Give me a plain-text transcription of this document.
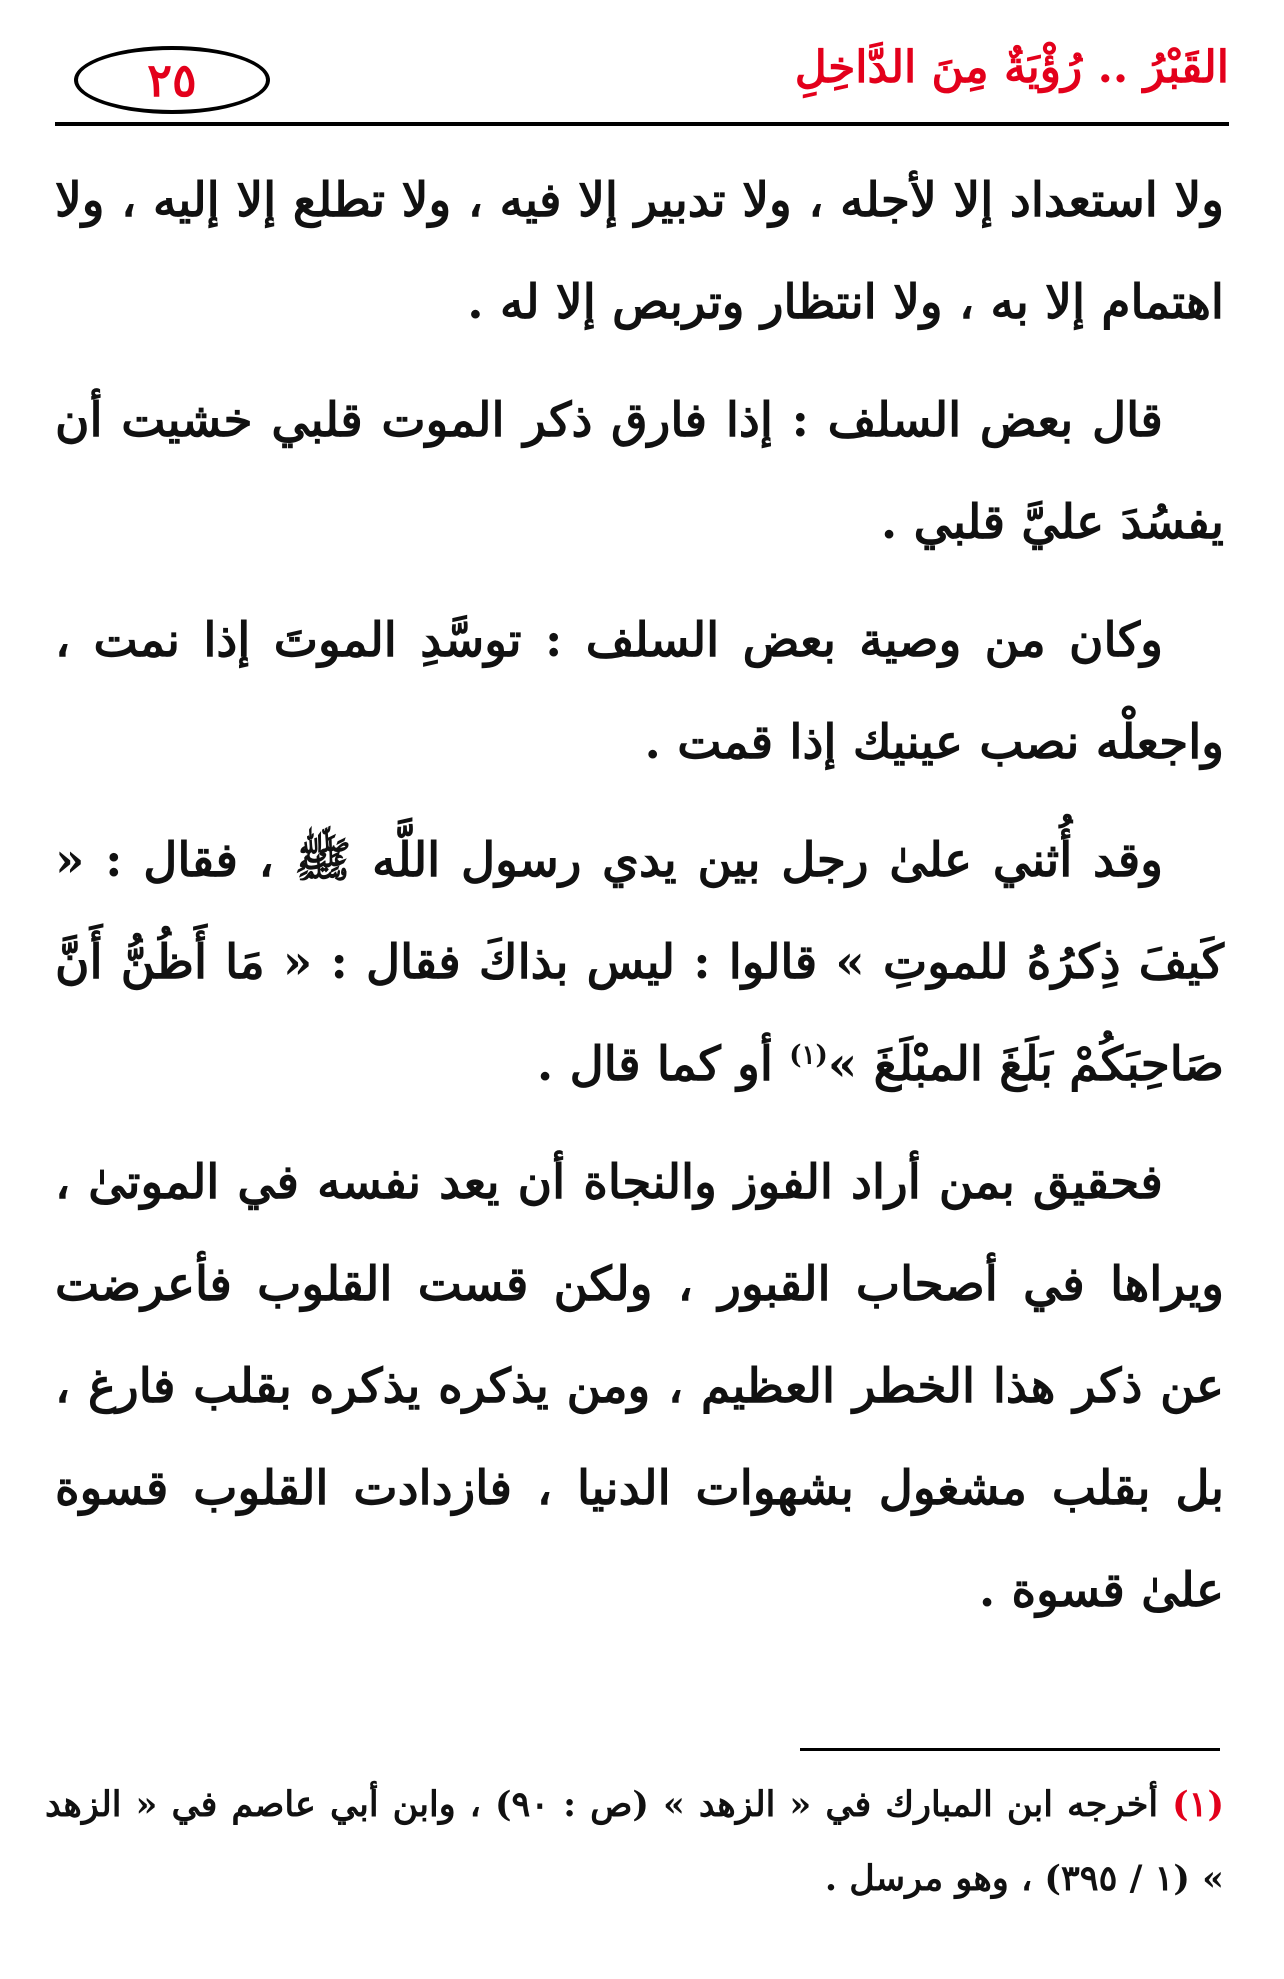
٢٥	القَبْرُ .. رُؤْيَةٌ مِنَ الدَّاخِلِ

ولا استعداد إلا لأجله ، ولا تدبير إلا فيه ، ولا تطلع إلا إليه ، ولا اهتمام إلا به ، ولا انتظار وتربص إلا له .

قال بعض السلف : إذا فارق ذكر الموت قلبي خشيت أن يفسُدَ عليَّ قلبي .

وكان من وصية بعض السلف : توسَّدِ الموتَ إذا نمت ، واجعلْه نصب عينيك إذا قمت .

وقد أُثني علىٰ رجل بين يدي رسول اللَّه ﷺ ، فقال : « كَيفَ ذِكرُهُ للموتِ » قالوا : ليس بذاكَ فقال : « مَا أَظُنُّ أَنَّ صَاحِبَكُمْ بَلَغَ المبْلَغَ »$^{(١)}$ أو كما قال .

فحقيق بمن أراد الفوز والنجاة أن يعد نفسه في الموتىٰ ، ويراها في أصحاب القبور ، ولكن قست القلوب فأعرضت عن ذكر هذا الخطر العظيم ، ومن يذكره يذكره بقلب فارغ ، بل بقلب مشغول بشهوات الدنيا ، فازدادت القلوب قسوة علىٰ قسوة .

(١)أخرجه ابن المبارك في « الزهد » (ص : ٩٠) ، وابن أبي عاصم في « الزهد » (١ / ٣٩٥) ، وهو مرسل .
